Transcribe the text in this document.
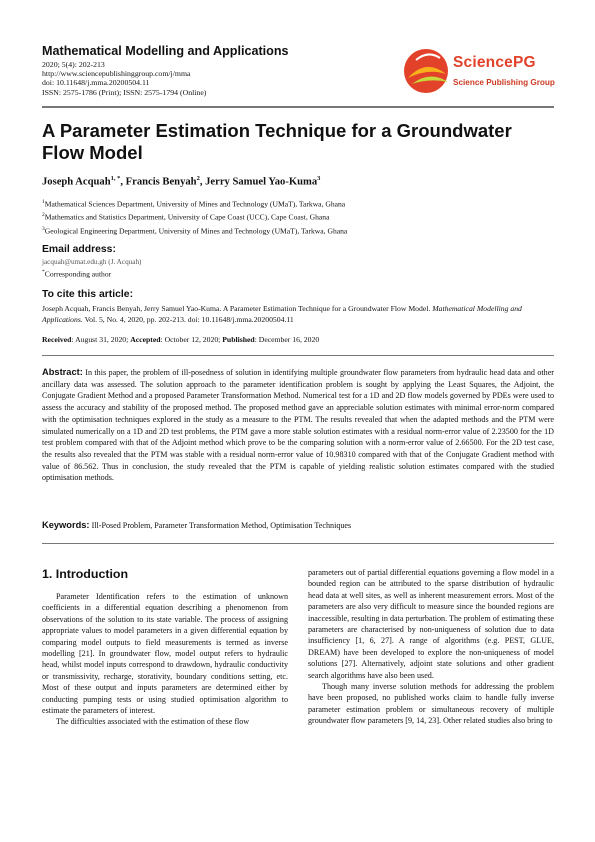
Mathematical Modelling and Applications
2020; 5(4): 202-213
http://www.sciencepublishinggroup.com/j/mma
doi: 10.11648/j.mma.20200504.11
ISSN: 2575-1786 (Print); ISSN: 2575-1794 (Online)
SciencePG
Science Publishing Group
A Parameter Estimation Technique for a Groundwater Flow Model
Joseph Acquah$^{1, *}$, Francis Benyah$^2$, Jerry Samuel Yao-Kuma$^3$
$^1$Mathematical Sciences Department, University of Mines and Technology (UMaT), Tarkwa, Ghana
$^2$Mathematics and Statistics Department, University of Cape Coast (UCC), Cape Coast, Ghana
$^3$Geological Engineering Department, University of Mines and Technology (UMaT), Tarkwa, Ghana
Email address:
jacquah@umat.edu.gh (J. Acquah)
*Corresponding author
To cite this article:
Joseph Acquah, Francis Benyah, Jerry Samuel Yao-Kuma. A Parameter Estimation Technique for a Groundwater Flow Model. Mathematical Modelling and Applications. Vol. 5, No. 4, 2020, pp. 202-213. doi: 10.11648/j.mma.20200504.11
Received: August 31, 2020; Accepted: October 12, 2020; Published: December 16, 2020
Abstract: In this paper, the problem of ill-posedness of solution in identifying multiple groundwater flow parameters from hydraulic head data and other ancillary data was assessed. The solution approach to the parameter identification problem is sought by applying the Least Squares, the Adjoint, the Conjugate Gradient Method and a proposed Parameter Transformation Method. Numerical test for a 1D and 2D flow models governed by PDEs were used to assess the accuracy and stability of the proposed method. The proposed method gave an appreciable solution estimates with minimal error-norm compared with the optimisation techniques explored in the study as a measure to the PTM. The results revealed that when the adapted methods and the PTM were simulated numerically on a 1D and 2D test problems, the PTM gave a more stable solution estimates with a residual norm-error value of 2.23500 for the 1D test problem compared with that of the Adjoint method which prove to be the comparing solution with a norm-error value of 2.66500. For the 2D test case, the results also revealed that the PTM was stable with a residual norm-error value of 10.98310 compared with that of the Conjugate Gradient method with value of 86.562. Thus in conclusion, the study revealed that the PTM is capable of yielding realistic solution estimates compared with the studied optimisation methods.
Keywords: Ill-Posed Problem, Parameter Transformation Method, Optimisation Techniques
1. Introduction

Parameter Identification refers to the estimation of unknown coefficients in a differential equation describing a phenomenon from observations of the solution to its state variable. The process of assigning appropriate values to model parameters in a given differential equation by comparing model outputs to field measurements is termed as inverse modelling [21]. In groundwater flow, model output refers to hydraulic head, whilst model inputs correspond to drawdown, hydraulic conductivity or transmissivity, recharge, storativity, boundary conditions setting, etc. Most of these output and inputs parameters are determined either by conducting pumping tests or using studied optimisation algorithm to estimate the parameters of interest.

The difficulties associated with the estimation of these flow

parameters out of partial differential equations governing a flow model in a bounded region can be attributed to the sparse distribution of hydraulic head data at well sites, as well as inherent measurement errors. Most of the parameters are also very difficult to measure since the bounded regions are inaccessible, resulting in data perturbation. The problem of estimating these parameters are characterised by non-uniqueness of solution due to data insufficiency [1, 6, 27]. A range of algorithms (e.g. PEST, GLUE, DREAM) have been developed to explore the non-uniqueness of model solutions [27]. Alternatively, adjoint state solutions and other gradient search algorithms have also been used.

Though many inverse solution methods for addressing the problem have been proposed, no published works claim to handle fully inverse parameter estimation problem or simultaneous recovery of multiple groundwater flow parameters [9, 14, 23]. Other related studies also bring to
